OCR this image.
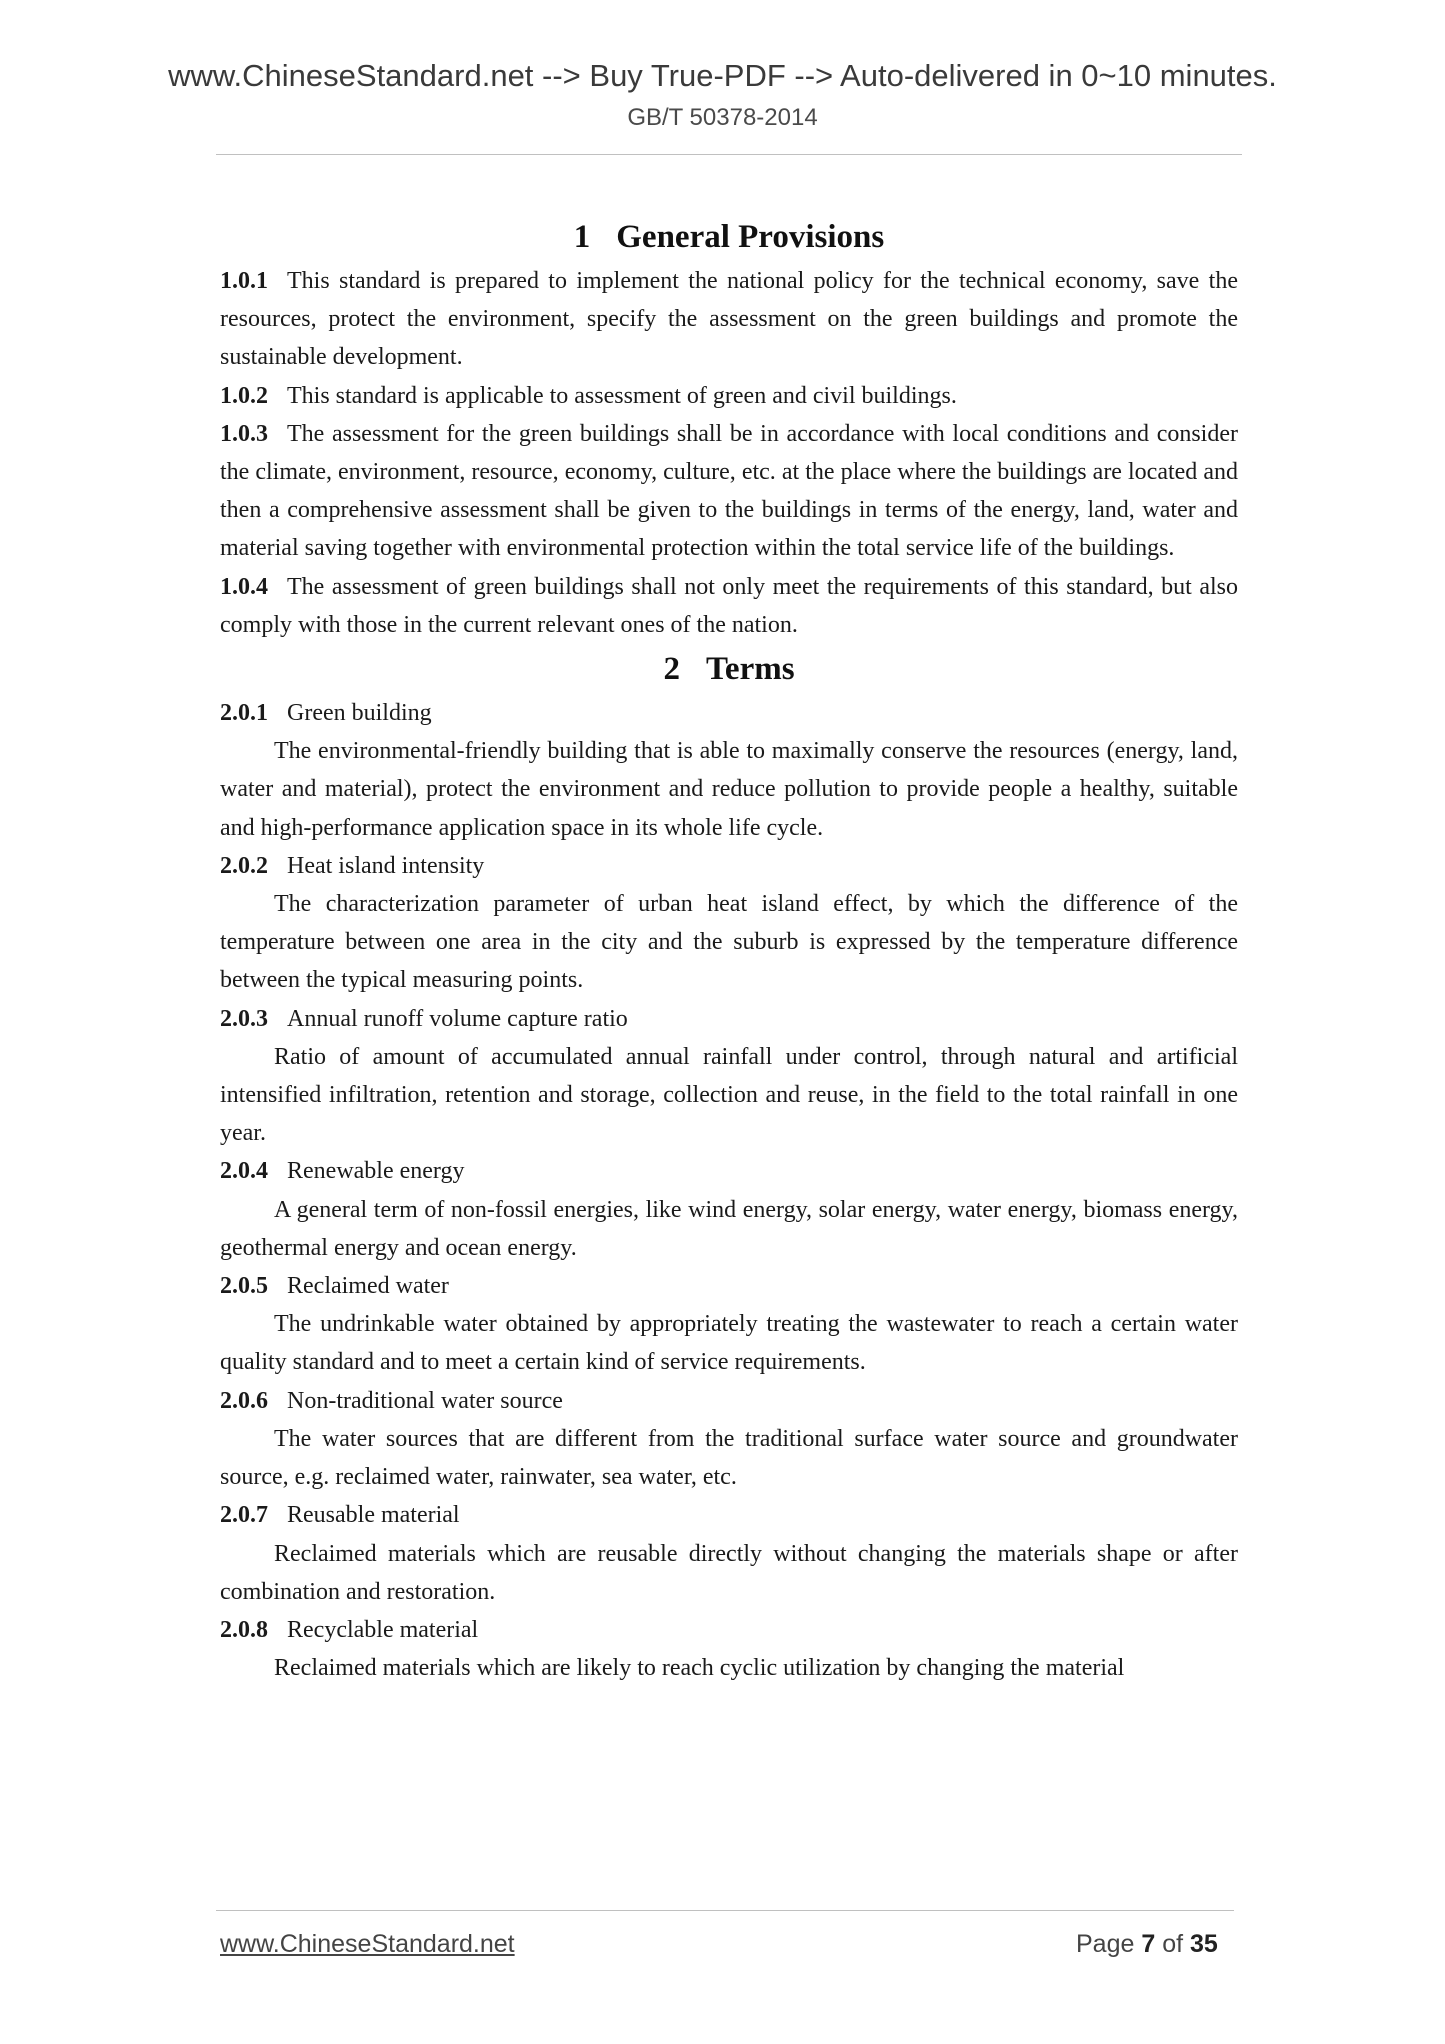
www.ChineseStandard.net --> Buy True-PDF --> Auto-delivered in 0~10 minutes.
GB/T 50378-2014
1 General Provisions

1.0.1 This standard is prepared to implement the national policy for the technical economy, save the resources, protect the environment, specify the assessment on the green buildings and promote the sustainable development.

1.0.2 This standard is applicable to assessment of green and civil buildings.

1.0.3 The assessment for the green buildings shall be in accordance with local conditions and consider the climate, environment, resource, economy, culture, etc. at the place where the buildings are located and then a comprehensive assessment shall be given to the buildings in terms of the energy, land, water and material saving together with environmental protection within the total service life of the buildings.

1.0.4 The assessment of green buildings shall not only meet the requirements of this standard, but also comply with those in the current relevant ones of the nation.

2 Terms

2.0.1 Green building

The environmental-friendly building that is able to maximally conserve the resources (energy, land, water and material), protect the environment and reduce pollution to provide people a healthy, suitable and high-performance application space in its whole life cycle.

2.0.2 Heat island intensity

The characterization parameter of urban heat island effect, by which the difference of the temperature between one area in the city and the suburb is expressed by the temperature difference between the typical measuring points.

2.0.3 Annual runoff volume capture ratio

Ratio of amount of accumulated annual rainfall under control, through natural and artificial intensified infiltration, retention and storage, collection and reuse, in the field to the total rainfall in one year.

2.0.4 Renewable energy

A general term of non-fossil energies, like wind energy, solar energy, water energy, biomass energy, geothermal energy and ocean energy.

2.0.5 Reclaimed water

The undrinkable water obtained by appropriately treating the wastewater to reach a certain water quality standard and to meet a certain kind of service requirements.

2.0.6 Non-traditional water source

The water sources that are different from the traditional surface water source and groundwater source, e.g. reclaimed water, rainwater, sea water, etc.

2.0.7 Reusable material

Reclaimed materials which are reusable directly without changing the materials shape or after combination and restoration.

2.0.8 Recyclable material

Reclaimed materials which are likely to reach cyclic utilization by changing the material

www.ChineseStandard.net	Page 7 of 35
